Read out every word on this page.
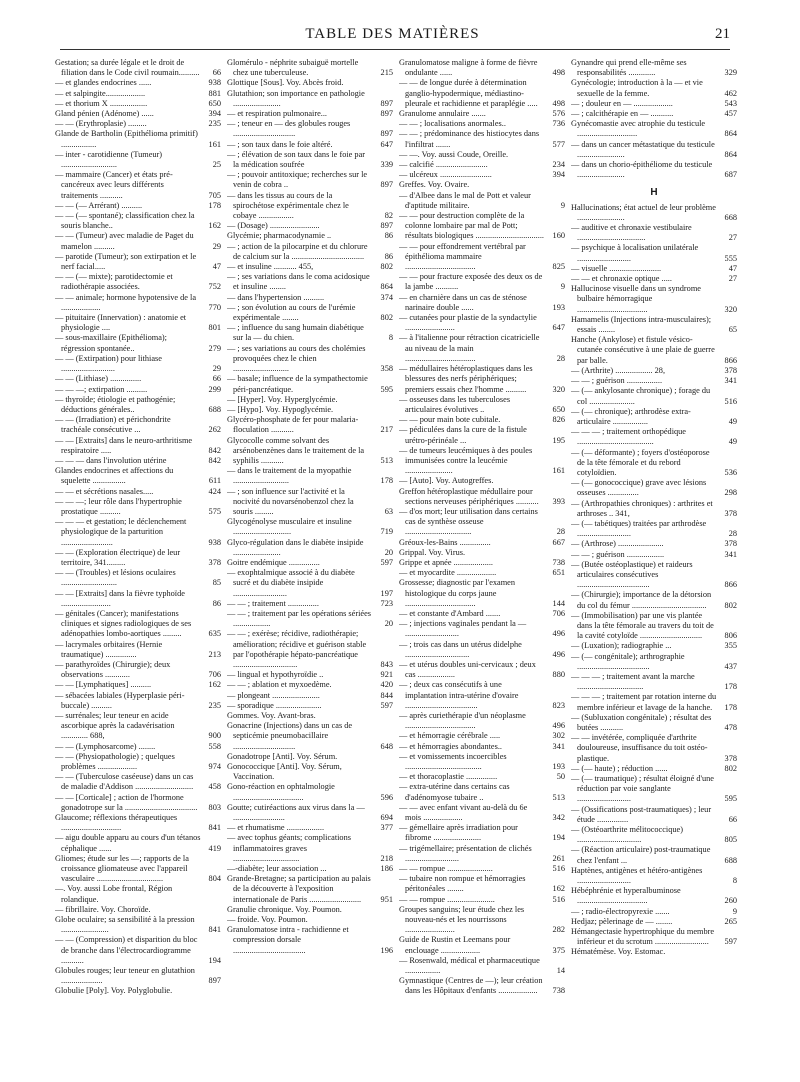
TABLE DES MATIÈRES	21
Gestation; sa durée légale et le droit de filiation dans le Code civil roumain.......... 66
— et glandes endocrines ......	938
— et salpingite...................	881
— et thorium X ..................	650
Gland pénien (Adénome) ......	394
— — (Erythroplasie) .........	235
Glande de Bartholin (Epithélioma primitif) .................	161
— inter - carotidienne (Tumeur) ...........................	25
— mammaire (Cancer) et états pré-cancéreux avec leurs différents traitements ...........	705
— — (— Arrérant) ..........	178
— — (— spontané); classification chez la souris blanche..	162
— — (Tumeur) avec maladie de Paget du mamelon ..........	29
— parotide (Tumeur); son extirpation et le nerf facial.....	47
— — (— mixte); parotidectomie et radiothérapie associées.	752
— — animale; hormone hypotensive de la ...................	770
— pituitaire (Innervation) : anatomie et physiologie ....	801
— sous-maxillaire (Epithélioma); régression spontanée..	279
— — (Extirpation) pour lithiase ..........................	29
— — (Lithiase) ...............	66
— — —; extirpation ..........	299
— thyroïde; étiologie et pathogénie; déductions générales..	688
— — (Irradiation) et périchondrite trachéale consécutive ...	262
— — [Extraits] dans le neuro-arthritisme respiratoire .....	842
— — — dans l'involution utérine	842
Glandes endocrines et affections du squelette ................	611
— — et sécrétions nasales.....	424
— — —; leur rôle dans l'hypertrophie prostatique ..........	575
— — — et gestation; le déclenchement physiologique de la parturition .........................	938
— — (Exploration électrique) de leur territoire, 341.........	378
— — (Troubles) et lésions oculaires ...........................	85
— — [Extraits] dans la fièvre typhoïde ........................	86
— génitales (Cancer); manifestations cliniques et signes radiologiques de ses adénopathies lombo-aortiques .........	635
— lacrymales orbitaires (Hernie traumatique) ...............	213
— parathyroïdes (Chirurgie); deux observations ............	706
— — [Lymphatiques] ..........	162
— sébacées labiales (Hyperplasie péri-buccale) ..........	235
— surrénales; leur teneur en acide ascorbique après la cadavérisation ............. 688,	900
— — (Lymphosarcome) ........	558
— — (Physiopathologie) ; quelques problèmes ...................	974
— — (Tuberculose caséeuse) dans un cas de maladie d'Addison ............................ 458
— — [Corticale] ; action de l'hormone gonadotrope sur la ................................... 803
Glaucome; réflexions thérapeutiques .............................	841
— aigu double apparu au cours d'un tétanos céphalique ......	419
Gliomes; étude sur les —; rapports de la croissance gliomateuse avec l'appareil vasculaire ................................	804
—. Voy. aussi Lobe frontal, Région rolandique.
— fibrillaire. Voy. Choroïde.
Globe oculaire; sa sensibilité à la pression .......................	841
— — (Compression) et disparition du bloc de branche dans l'électrocardiogramme ...........	194
Globules rouges; leur teneur en glutathion ....................	897
Globulie [Poly]. Voy. Polyglobulie.
Glomérulo - néphrite subaiguë mortelle chez une tuberculeuse.	215
Glottique [Sous]. Voy. Abcès froid.
Glutathion; son importance en pathologie .......................	897
— et respiration pulmonaire...	897
— ; teneur en — des globules rouges ..............................	897
— ; son taux dans le foie altéré.	647
— ; élévation de son taux dans le foie par la médication soufrée	339
— ; pouvoir antitoxique; recherches sur le venin de cobra ..	897
— dans les tissus au cours de la spirochétose expérimentale chez le cobaye .................	82
— (Dosage) ........................	897
Glycémie; pharmacodynamie ..	86
— ; action de la pilocarpine et du chlorure de calcium sur la ................................... 86
— et insuline ........... 455,	802
— ; ses variations dans le coma acidosique et insuline ........	864
— dans l'hypertension ..........	374
— ; son évolution au cours de l'urémie expérimentale ........	802
— ; influence du sang humain diabétique sur la — du chien.	8
— ; ses variations au cours des cholémies provoquées chez le chien ...........................	358
— basale; influence de la sympathectomie péri-pancréatique.	595
— [Hyper]. Voy. Hyperglycémie.
— [Hypo]. Voy. Hypoglycémie.
Glycéro-phosphate de fer pour malaria-floculation ...........	217
Glycocolle comme solvant des arsénobenzènes dans le traitement de la syphilis ...........	513
— dans le traitement de la myopathie ...........................	178
— ; son influence sur l'activité et la nocivité du novarsénobenzol chez la souris .........	63
Glycogénolyse musculaire et insuline ............................	719
Glyco-régulation dans le diabète insipide .......................	20
Goitre endémique ...............	597
— exophtalmique associé à du diabète sucré et du diabète insipide ..........................	197
— — ; traitement ...............	723
— — ; traitement par les opérations sériées ..................	20
— — ; exérèse; récidive, radiothérapie; amélioration; récidive et guérison stable par l'opothérapie hépato-pancréatique ...............................	843
— lingual et hypothyroïdie ..	921
— — ; ablation et myxoedème.	420
— plongeant .......................	844
— sporadique ......................	597
Gommes. Voy. Avant-bras.
Gonacrine (Injections) dans un cas de septicémie pneumobacillaire ..............................	648
Gonadotrope [Anti]. Voy. Sérum.
Gonococcique [Anti]. Voy. Sérum, Vaccination.
Gono-réaction en ophtalmologie ..................................	596
Goutte; cutiréactions aux virus dans la — .........................	694
— et rhumatisme ..................	377
— avec tophus géants; complications inflammatoires graves ................................	218
—-diabète; leur association ...	186
Grande-Bretagne; sa participation au palais de la découverte à l'exposition internationale de Paris ......................... 951
Granulie chronique. Voy. Poumon.
— froide. Voy. Poumon.
Granulomatose intra - rachidienne et compression dorsale ...................................	196
Granulomatose maligne à forme de fièvre ondulante ......	498
— — de longue durée à détermination ganglio-hypodermique, médiastino-pleurale et rachidienne et paraplégie ..... 498
Granulome annulaire .......	576
— — ; localisations anormales..	736
— — ; prédominance des histiocytes dans l'infiltrat .......	577
— —. Voy. aussi Coude, Oreille.
— calcifié .........................	234
— ulcéreux .........................	394
Greffes. Voy. Ovaire.
— d'Albee dans le mal de Pott et valeur d'aptitude militaire.	9
— — pour destruction complète de la colonne lombaire par mal de Pott; résultats biologiques ................................. 160
— — pour effondrement vertébral par épithélioma mammaire ..................................	825
— — pour fracture exposée des deux os de la jambe ...........	9
— en charnière dans un cas de sténose narinaire double ......	193
— cutanées pour plastie de la syndactylie ........................	647
— à l'italienne pour rétraction cicatricielle au niveau de la main ..................................	28
— médullaires hétéroplastiques dans les blessures des nerfs périphériques; premiers essais chez l'homme ..........	320
— osseuses dans les tuberculoses articulaires évolutives ..	650
— — pour main bote cubitale.	826
— pédiculées dans la cure de la fistule urétro-périnéale ...	195
— de tumeurs leucémiques à des poules immunisées contre la leucémie .......................	161
— [Auto]. Voy. Autogreffes.
Greffon hétéroplastique médullaire pour sections nerveuses périphériques ........... 393
— d'os mort; leur utilisation dans certains cas de synthèse osseuse ................................	28
Gréoux-les-Bains ...............	667
Grippal. Voy. Virus.
Grippe et apnée ...................	738
— et myocardite ...................	651
Grossesse; diagnostic par l'examen histologique du corps jaune ..................................	144
— et constante d'Ambard .......	706
— ; injections vaginales pendant la — ..........................	496
— ; trois cas dans un utérus didelphe ...............................	496
— et utérus doubles uni-cervicaux ; deux cas ..................	880
— ; deux cas consécutifs à une implantation intra-utérine d'ovaire ...................................	823
— après curiethérapie d'un néoplasme ..................................	496
— et hémorragie cérébrale .....	302
— et hémorragies abondantes..	341
— et vomissements incoercibles .....................................	193
— et thoracoplastie ...............	50
— extra-utérine dans certains cas d'adénomyose tubaire ..	513
— — avec enfant vivant au-delà du 6e mois ...................	342
— gémellaire après irradiation pour fibrome .......................	194
— trigémellaire; présentation de clichés ..........................	261
— — rompue ......................	516
— tubaire non rompue et hémorragies péritonéales ........	162
— — rompue .......................	516
Groupes sanguins; leur étude chez les nouveau-nés et les nourrissons ........................	282
Guide de Rustin et Leemans pour enclouage ...................	375
— Rosenwald, médical et pharmaceutique .................	14
Gymnastique (Centres de —); leur création dans les Hôpitaux d'enfants ................... 738
Gynandre qui prend elle-même ses responsabilités .............	329
Gynécologie; introduction à la — et vie sexuelle de la femme.	462
— ; douleur en — ...................	543
— ; calcithérapie en — ...........	457
Gynécomastie avec atrophie du testicule .............................	864
— dans un cancer métastatique du testicule .......................	864
— dans un chorio-épithéliome du testicule .......................	687
H
Hallucinations; état actuel de leur problème .......................	668
— auditive et chronaxie vestibulaire .................................	27
— psychique à localisation unilatérale ..........................	555
— visuelle .........................	47
— — et chronaxie optique .....	27
Hallucinose visuelle dans un syndrome bulbaire hémorragique ..................................	320
Hamamelis (Injections intra-musculaires); essais ........	65
Hanche (Ankylose) et fistule vésico-cutanée consécutive à une plaie de guerre par balle.	866
— (Arthrite) .................. 28,	378
— — ; guérison .................	341
— (— ankylosante chronique) ; forage du col ......................	516
— (— chronique); arthrodèse extra-articulaire .................	49
— — — ; traitement orthopédique .....................................	49
— (— déformante) ; foyers d'ostéoporose de la tête fémorale et du rebord cotyloïdien.	536
— (— gonococcique) grave avec lésions osseuses ...............	298
— (Arthropathies chroniques) : arthrites et arthroses .. 341,	378
— (— tabétiques) traitées par arthrodèse ..........................	28
— (Arthrose) ......................	378
— — ; guérison ..................	341
— (Butée ostéoplastique) et raideurs articulaires consécutives ...................................	866
— (Chirurgie); importance de la détorsion du col du fémur .................................... 802
— (Immobilisation) par une vis plantée dans la tête fémorale au travers du toit de la cavité cotyloïde ..............................	806
— (Luxation); radiographie ...	355
— (— congénitale); arthrographie ...................................	437
— — — ; traitement avant la marche ................................	178
— — — ; traitement par rotation interne du membre inférieur et lavage de la hanche. 178
— (Subluxation congénitale) ; résultat des butées ...........	478
— — invétérée, compliquée d'arthrite douloureuse, insuffisance du toit ostéo-plastique.	378
— (— haute) ; réduction ......	802
— (— traumatique) ; résultat éloigné d'une réduction par voie sanglante ..........................	595
— (Ossifications post-traumatiques) ; leur étude ...............	66
— (Ostéoarthrite mélitococcique) ...............................	805
— (Réaction articulaire) post-traumatique chez l'enfant ...	688
Haptènes, antigènes et hétéro-antigènes ..........................	8
Hébéphrénie et hyperalbuminose ..................................	260
— ; radio-électropyrexie .......	9
Hedjaz; pèlerinage de — ........	265
Hémangectasie hypertrophique du membre inférieur et du scrotum .......................... 597
Hématémèse. Voy. Estomac.
